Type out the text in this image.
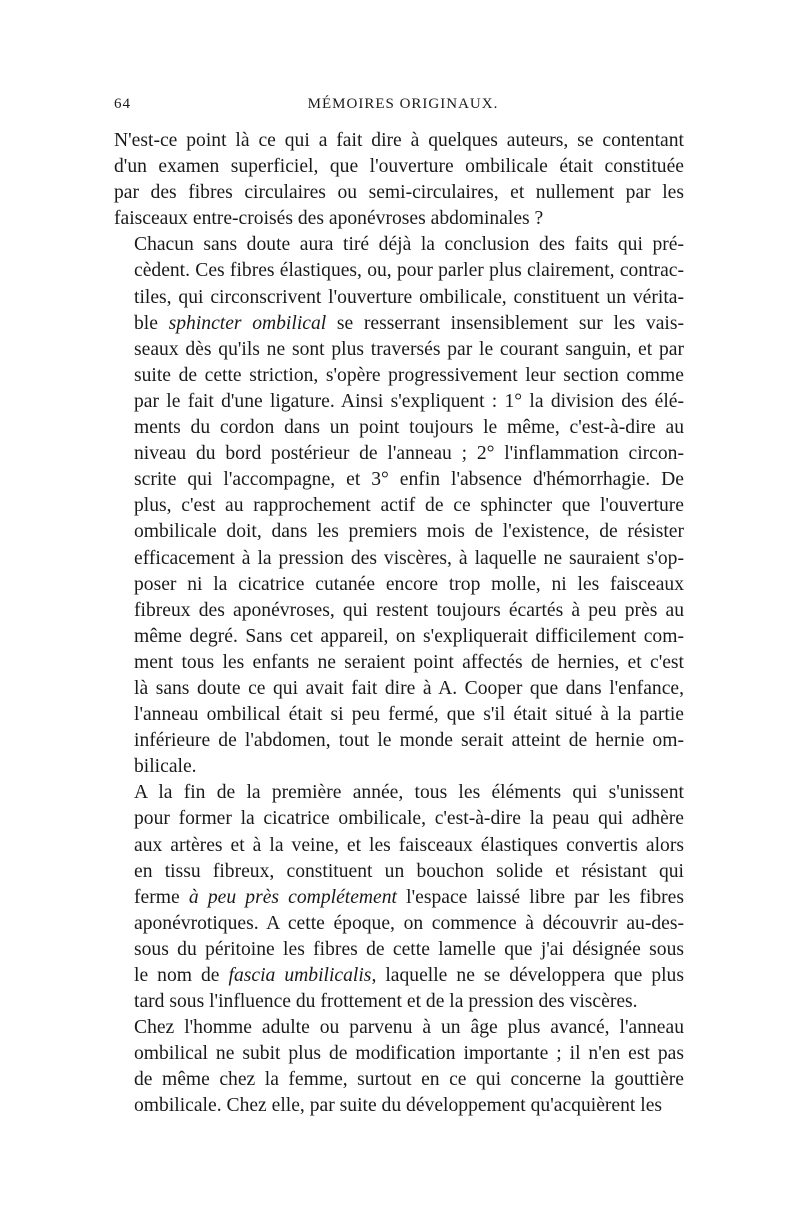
64	MÉMOIRES ORIGINAUX.

N'est-ce point là ce qui a fait dire à quelques auteurs, se contentant
d'un examen superficiel, que l'ouverture ombilicale était constituée
par des fibres circulaires ou semi-circulaires, et nullement par les
faisceaux entre-croisés des aponévroses abdominales ?

Chacun sans doute aura tiré déjà la conclusion des faits qui pré-
cèdent. Ces fibres élastiques, ou, pour parler plus clairement, contrac-
tiles, qui circonscrivent l'ouverture ombilicale, constituent un vérita-
ble sphincter ombilical se resserrant insensiblement sur les vais-
seaux dès qu'ils ne sont plus traversés par le courant sanguin, et par
suite de cette striction, s'opère progressivement leur section comme
par le fait d'une ligature. Ainsi s'expliquent : 1° la division des élé-
ments du cordon dans un point toujours le même, c'est-à-dire au
niveau du bord postérieur de l'anneau ; 2° l'inflammation circon-
scrite qui l'accompagne, et 3° enfin l'absence d'hémorrhagie. De
plus, c'est au rapprochement actif de ce sphincter que l'ouverture
ombilicale doit, dans les premiers mois de l'existence, de résister
efficacement à la pression des viscères, à laquelle ne sauraient s'op-
poser ni la cicatrice cutanée encore trop molle, ni les faisceaux
fibreux des aponévroses, qui restent toujours écartés à peu près au
même degré. Sans cet appareil, on s'expliquerait difficilement com-
ment tous les enfants ne seraient point affectés de hernies, et c'est
là sans doute ce qui avait fait dire à A. Cooper que dans l'enfance,
l'anneau ombilical était si peu fermé, que s'il était situé à la partie
inférieure de l'abdomen, tout le monde serait atteint de hernie om-
bilicale.

A la fin de la première année, tous les éléments qui s'unissent
pour former la cicatrice ombilicale, c'est-à-dire la peau qui adhère
aux artères et à la veine, et les faisceaux élastiques convertis alors
en tissu fibreux, constituent un bouchon solide et résistant qui
ferme à peu près complétement l'espace laissé libre par les fibres
aponévrotiques. A cette époque, on commence à découvrir au-des-
sous du péritoine les fibres de cette lamelle que j'ai désignée sous
le nom de fascia umbilicalis, laquelle ne se développera que plus
tard sous l'influence du frottement et de la pression des viscères.

Chez l'homme adulte ou parvenu à un âge plus avancé, l'anneau
ombilical ne subit plus de modification importante ; il n'en est pas
de même chez la femme, surtout en ce qui concerne la gouttière
ombilicale. Chez elle, par suite du développement qu'acquièrent les
